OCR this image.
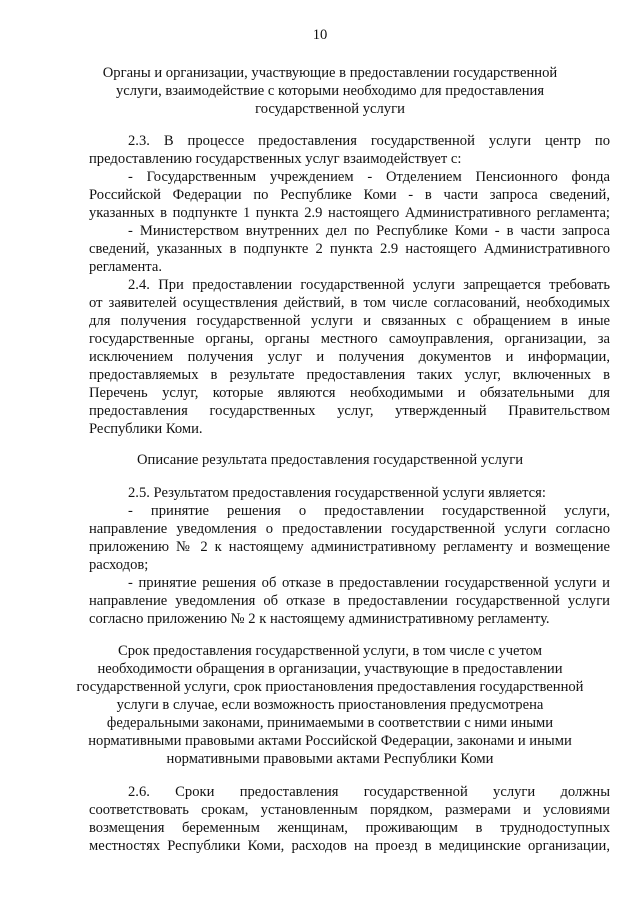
10
Органы и организации, участвующие в предоставлении государственной
услуги, взаимодействие с которыми необходимо для предоставления
государственной услуги
2.3. В процессе предоставления государственной услуги центр по
предоставлению государственных услуг взаимодействует с:
- Государственным учреждением - Отделением Пенсионного фонда
Российской Федерации по Республике Коми - в части запроса сведений,
указанных в подпункте 1 пункта 2.9 настоящего Административного регламента;
- Министерством внутренних дел по Республике Коми - в части запроса
сведений, указанных в подпункте 2 пункта 2.9 настоящего Административного
регламента.
2.4. При предоставлении государственной услуги запрещается требовать
от заявителей осуществления действий, в том числе согласований, необходимых
для получения государственной услуги и связанных с обращением в иные
государственные органы, органы местного самоуправления, организации, за
исключением получения услуг и получения документов и информации,
предоставляемых в результате предоставления таких услуг, включенных в
Перечень услуг, которые являются необходимыми и обязательными для
предоставления государственных услуг, утвержденный Правительством
Республики Коми.
Описание результата предоставления государственной услуги
2.5. Результатом предоставления государственной услуги является:
- принятие решения о предоставлении государственной услуги,
направление уведомления о предоставлении государственной услуги согласно
приложению № 2 к настоящему административному регламенту и возмещение
расходов;
- принятие решения об отказе в предоставлении государственной услуги и
направление уведомления об отказе в предоставлении государственной услуги
согласно приложению № 2 к настоящему административному регламенту.
Срок предоставления государственной услуги, в том числе с учетом
необходимости обращения в организации, участвующие в предоставлении
государственной услуги, срок приостановления предоставления государственной
услуги в случае, если возможность приостановления предусмотрена
федеральными законами, принимаемыми в соответствии с ними иными
нормативными правовыми актами Российской Федерации, законами и иными
нормативными правовыми актами Республики Коми
2.6. Сроки предоставления государственной услуги должны
соответствовать срокам, установленным порядком, размерами и условиями
возмещения беременным женщинам, проживающим в труднодоступных
местностях Республики Коми, расходов на проезд в медицинские организации,
